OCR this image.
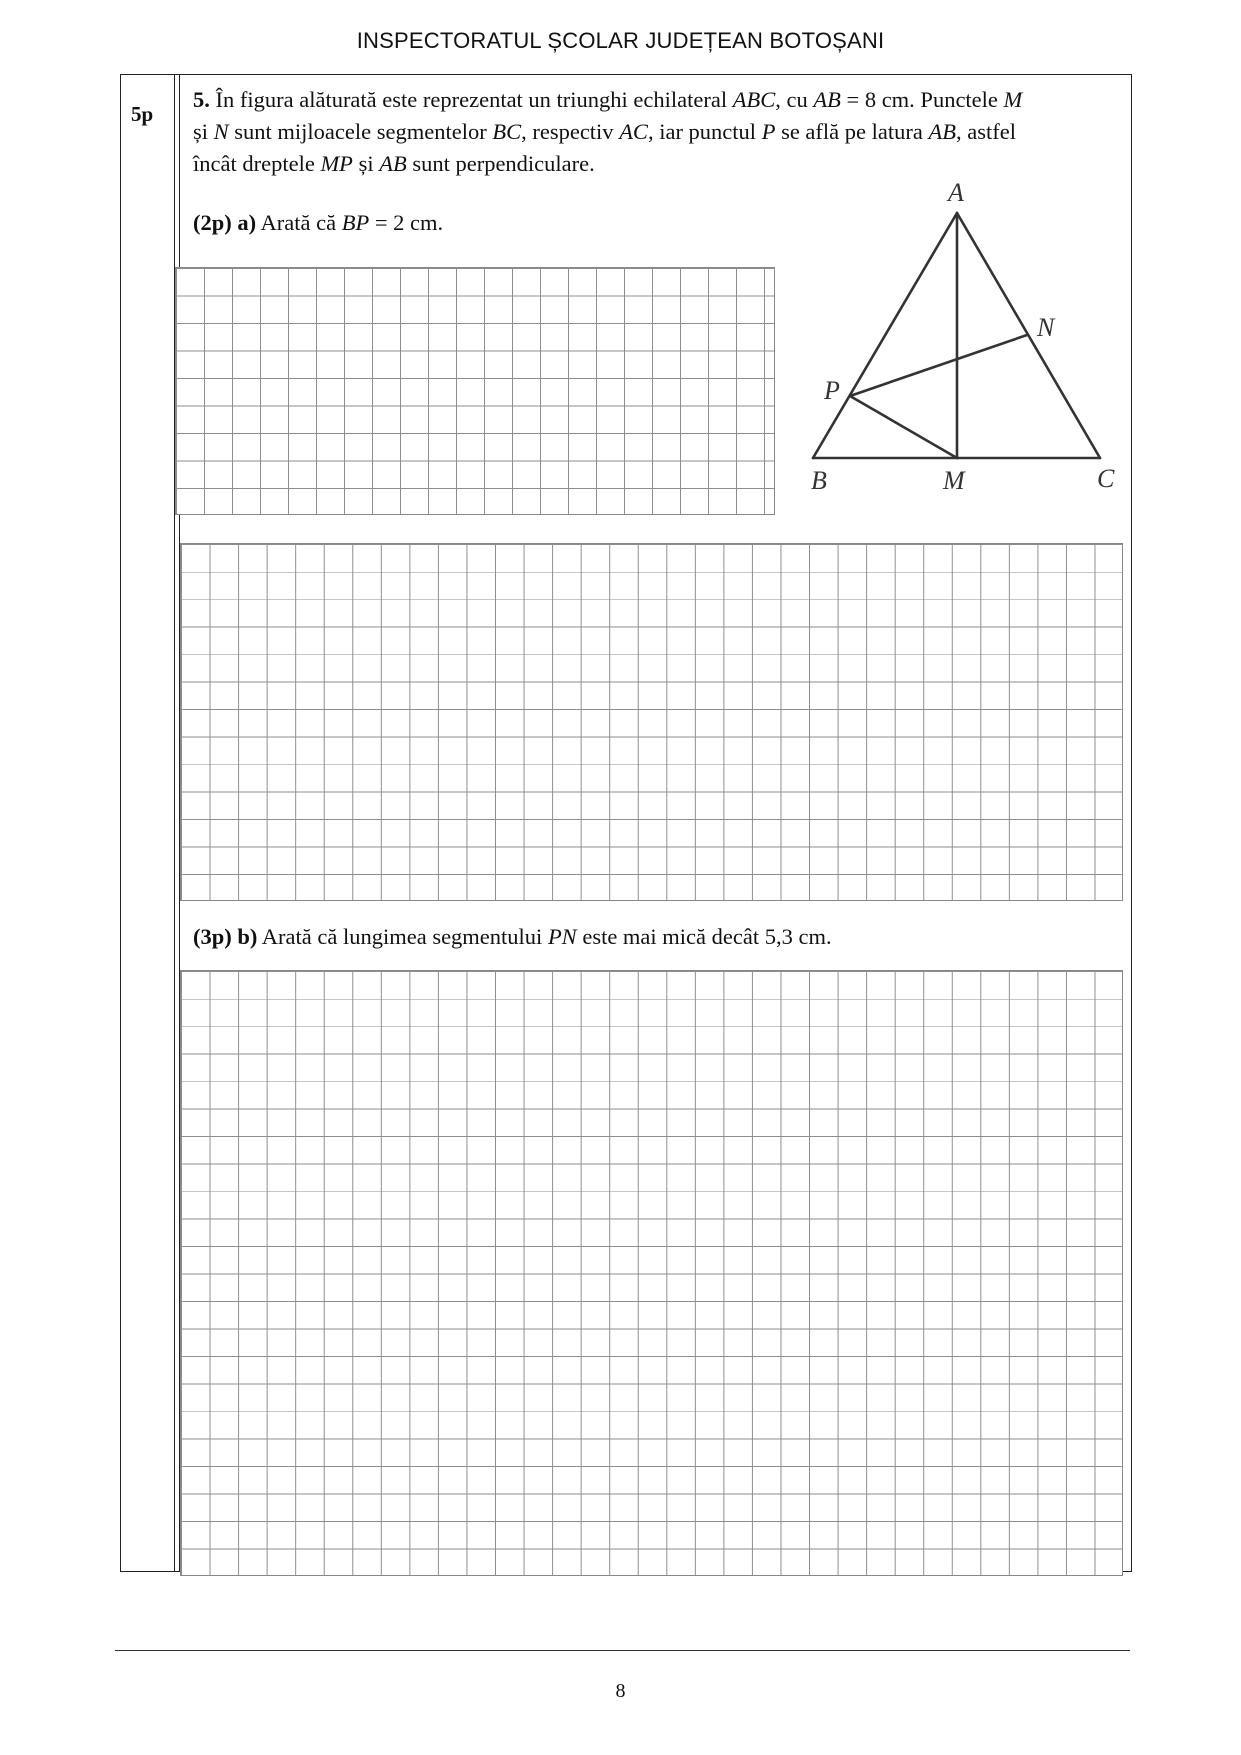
INSPECTORATUL ȘCOLAR JUDEȚEAN BOTOȘANI
5p

5. În figura alăturată este reprezentat un triunghi echilateral ABC, cu AB = 8 cm. Punctele M

și N sunt mijloacele segmentelor BC, respectiv AC, iar punctul P se află pe latura AB, astfel

încât dreptele MP și AB sunt perpendiculare.

(2p) a) Arată că BP = 2 cm.
A
N
P
B	M	C
(3p) b) Arată că lungimea segmentului PN este mai mică decât 5,3 cm.
8
